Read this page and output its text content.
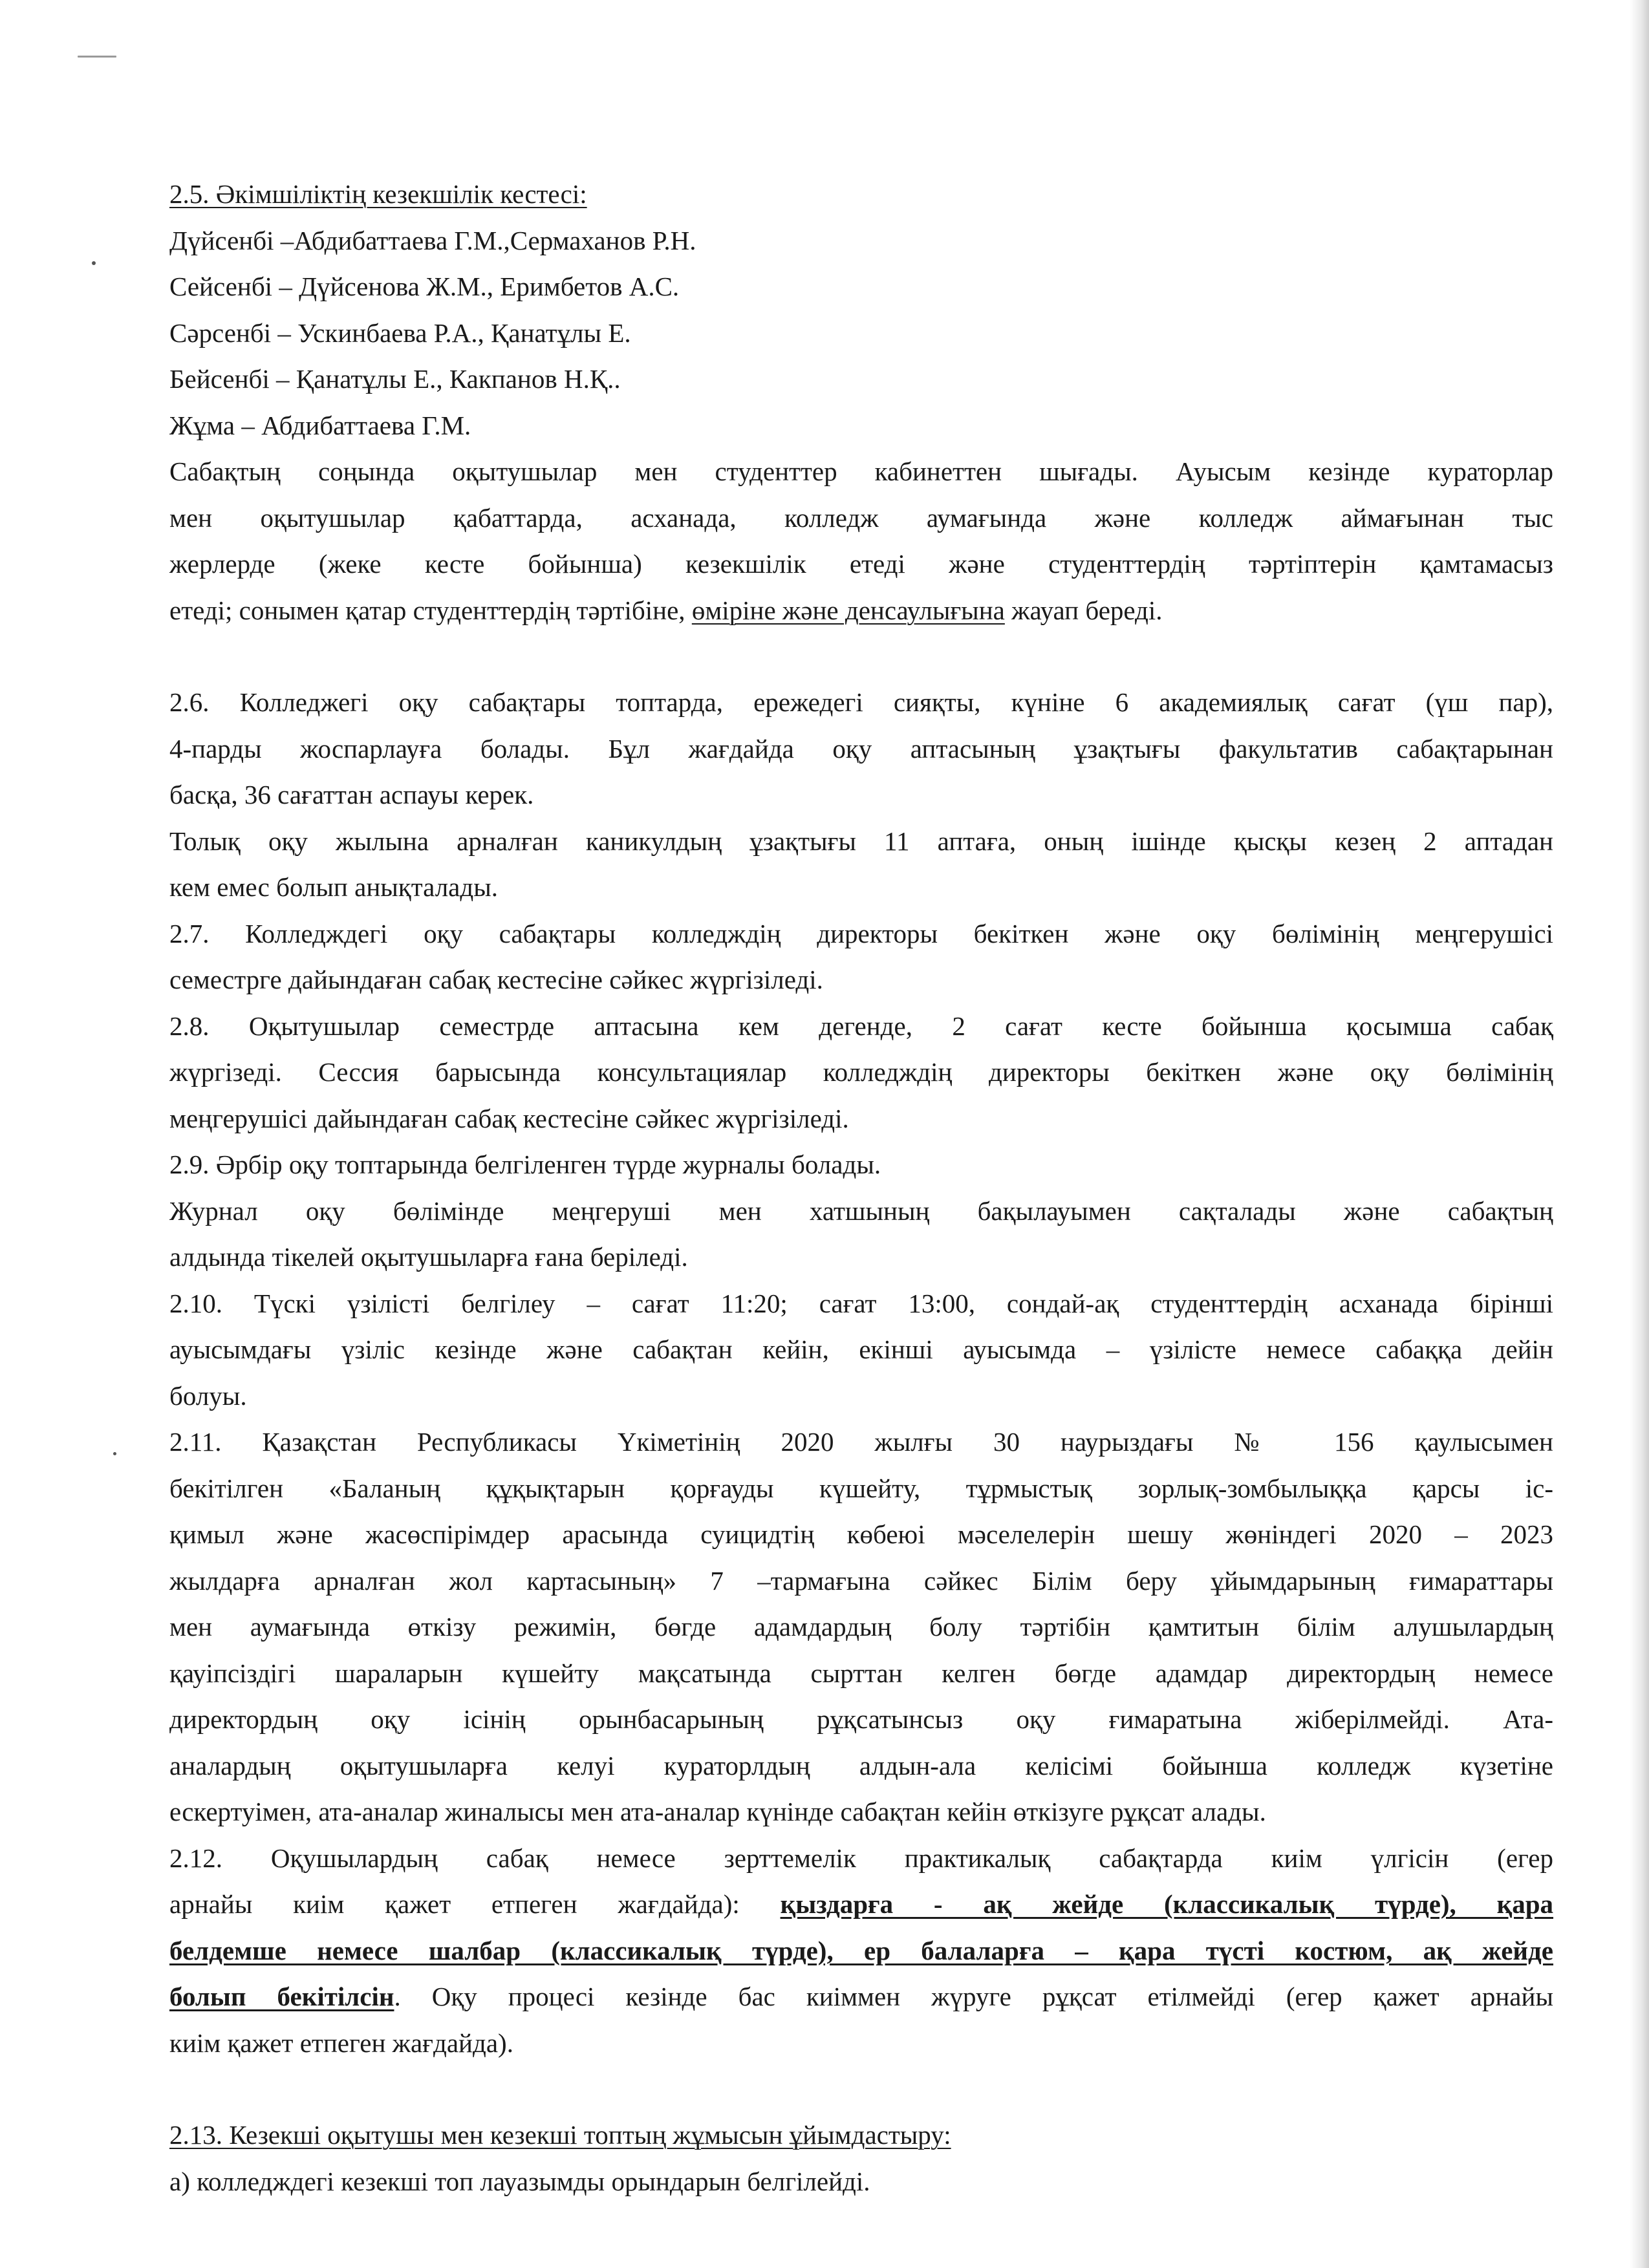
2.5. Әкімшіліктің кезекшілік кестесі:
Дүйсенбі –Абдибаттаева Г.М.,Сермаханов Р.Н.
Сейсенбі – Дүйсенова Ж.М., Еримбетов А.С.
Сәрсенбі – Ускинбаева Р.А., Қанатұлы Е.
Бейсенбі – Қанатұлы Е., Какпанов Н.Қ..
Жұма – Абдибаттаева Г.М.
Сабақтың соңында оқытушылар мен студенттер кабинеттен шығады. Ауысым кезінде кураторлар
мен оқытушылар қабаттарда, асханада, колледж аумағында және колледж аймағынан тыс
жерлерде (жеке кесте бойынша) кезекшілік етеді және студенттердің тәртіптерін қамтамасыз
етеді; сонымен қатар студенттердің тәртібіне, өміріне және денсаулығына жауап береді.
2.6. Колледжегі оқу сабақтары топтарда, ережедегі сияқты, күніне 6 академиялық сағат (үш пар),
4-парды жоспарлауға болады. Бұл жағдайда оқу аптасының ұзақтығы факультатив сабақтарынан
басқа, 36 сағаттан аспауы керек.
Толық оқу жылына арналған каникулдың ұзақтығы 11 аптаға, оның ішінде қысқы кезең 2 аптадан
кем емес болып анықталады.
2.7. Колледждегі оқу сабақтары колледждің директоры бекіткен және оқу бөлімінің меңгерушісі
семестрге дайындаған сабақ кестесіне сәйкес жүргізіледі.
2.8. Оқытушылар семестрде аптасына кем дегенде, 2 сағат кесте бойынша қосымша сабақ
жүргізеді. Сессия барысында консультациялар колледждің директоры бекіткен және оқу бөлімінің
меңгерушісі дайындаған сабақ кестесіне сәйкес жүргізіледі.
2.9. Әрбір оқу топтарында белгіленген түрде журналы болады.
Журнал оқу бөлімінде меңгеруші мен хатшының бақылауымен сақталады және сабақтың
алдында тікелей оқытушыларға ғана беріледі.
2.10. Түскі үзілісті белгілеу – сағат 11:20; сағат 13:00, сондай-ақ студенттердің асханада бірінші
ауысымдағы үзіліс кезінде және сабақтан кейін, екінші ауысымда – үзілісте немесе сабаққа дейін
болуы.
2.11. Қазақстан Республикасы Үкіметінің 2020 жылғы 30 наурыздағы № 156 қаулысымен
бекітілген «Баланың құқықтарын қорғауды күшейту, тұрмыстық зорлық-зомбылыққа қарсы іс-
қимыл және жасөспірімдер арасында суицидтің көбеюі мәселелерін шешу жөніндегі 2020 – 2023
жылдарға арналған жол картасының» 7 –тармағына сәйкес Білім беру ұйымдарының ғимараттары
мен аумағында өткізу режимін, бөгде адамдардың болу тәртібін қамтитын білім алушылардың
қауіпсіздігі шараларын күшейту мақсатында сырттан келген бөгде адамдар директордың немесе
директордың оқу ісінің орынбасарының рұқсатынсыз оқу ғимаратына жіберілмейді. Ата-
аналардың оқытушыларға келуі кураторлдың алдын-ала келісімі бойынша колледж күзетіне
ескертуімен, ата-аналар жиналысы мен ата-аналар күнінде сабақтан кейін өткізуге рұқсат алады.
2.12. Оқушылардың сабақ немесе зерттемелік практикалық сабақтарда киім үлгісін (егер
арнайы киім қажет етпеген жағдайда): қыздарға - ақ жейде (классикалық түрде), қара
белдемше немесе шалбар (классикалық түрде), ер балаларға – қара түсті костюм, ақ жейде
болып бекітілсін. Оқу процесі кезінде бас киіммен жүруге рұқсат етілмейді (егер қажет арнайы
киім қажет етпеген жағдайда).
2.13. Кезекші оқытушы мен кезекші топтың жұмысын ұйымдастыру:
а) колледждегі кезекші топ лауазымды орындарын белгілейді.
